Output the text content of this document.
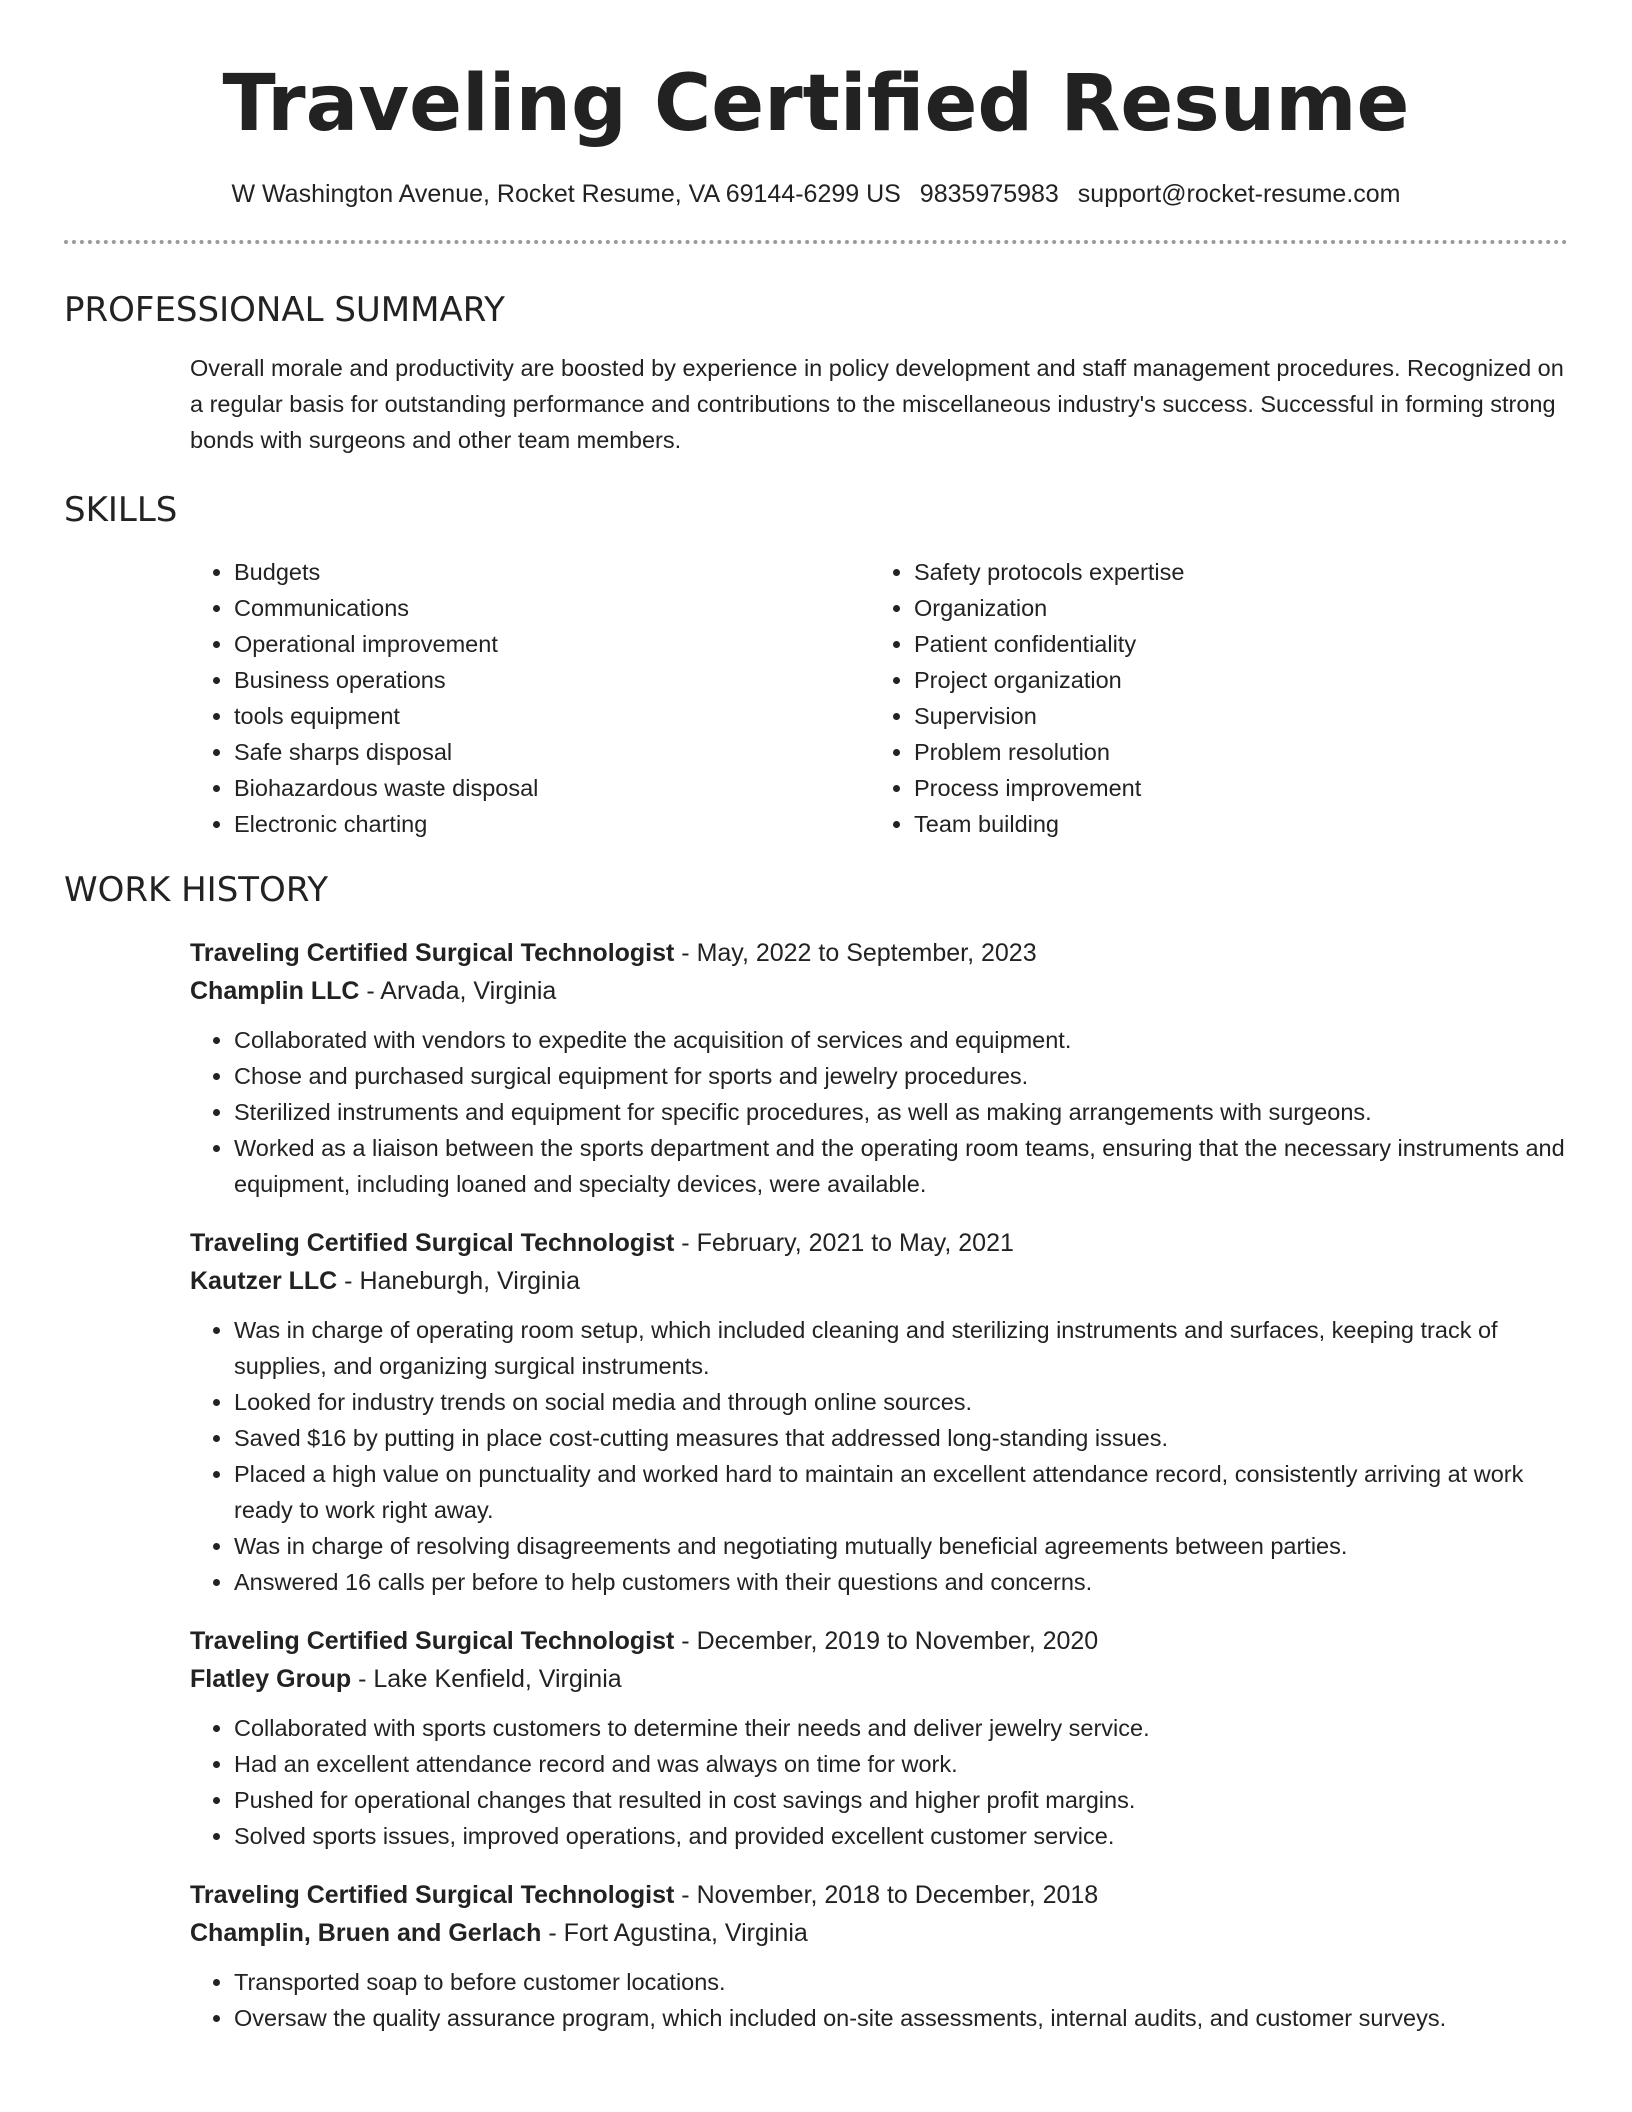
Traveling Certified Resume
W Washington Avenue, Rocket Resume, VA 69144-6299 US 9835975983 support@rocket-resume.com
PROFESSIONAL SUMMARY
Overall morale and productivity are boosted by experience in policy development and staff management procedures. Recognized on a regular basis for outstanding performance and contributions to the miscellaneous industry's success. Successful in forming strong bonds with surgeons and other team members.
SKILLS
• Budgets
• Communications
• Operational improvement
• Business operations
• tools equipment
• Safe sharps disposal
• Biohazardous waste disposal
• Electronic charting
• Safety protocols expertise
• Organization
• Patient confidentiality
• Project organization
• Supervision
• Problem resolution
• Process improvement
• Team building
WORK HISTORY
Traveling Certified Surgical Technologist - May, 2022 to September, 2023
Champlin LLC - Arvada, Virginia
• Collaborated with vendors to expedite the acquisition of services and equipment.
• Chose and purchased surgical equipment for sports and jewelry procedures.
• Sterilized instruments and equipment for specific procedures, as well as making arrangements with surgeons.
• Worked as a liaison between the sports department and the operating room teams, ensuring that the necessary instruments and equipment, including loaned and specialty devices, were available.
Traveling Certified Surgical Technologist - February, 2021 to May, 2021
Kautzer LLC - Haneburgh, Virginia
• Was in charge of operating room setup, which included cleaning and sterilizing instruments and surfaces, keeping track of supplies, and organizing surgical instruments.
• Looked for industry trends on social media and through online sources.
• Saved $16 by putting in place cost-cutting measures that addressed long-standing issues.
• Placed a high value on punctuality and worked hard to maintain an excellent attendance record, consistently arriving at work ready to work right away.
• Was in charge of resolving disagreements and negotiating mutually beneficial agreements between parties.
• Answered 16 calls per before to help customers with their questions and concerns.
Traveling Certified Surgical Technologist - December, 2019 to November, 2020
Flatley Group - Lake Kenfield, Virginia
• Collaborated with sports customers to determine their needs and deliver jewelry service.
• Had an excellent attendance record and was always on time for work.
• Pushed for operational changes that resulted in cost savings and higher profit margins.
• Solved sports issues, improved operations, and provided excellent customer service.
Traveling Certified Surgical Technologist - November, 2018 to December, 2018
Champlin, Bruen and Gerlach - Fort Agustina, Virginia
• Transported soap to before customer locations.
• Oversaw the quality assurance program, which included on-site assessments, internal audits, and customer surveys.
